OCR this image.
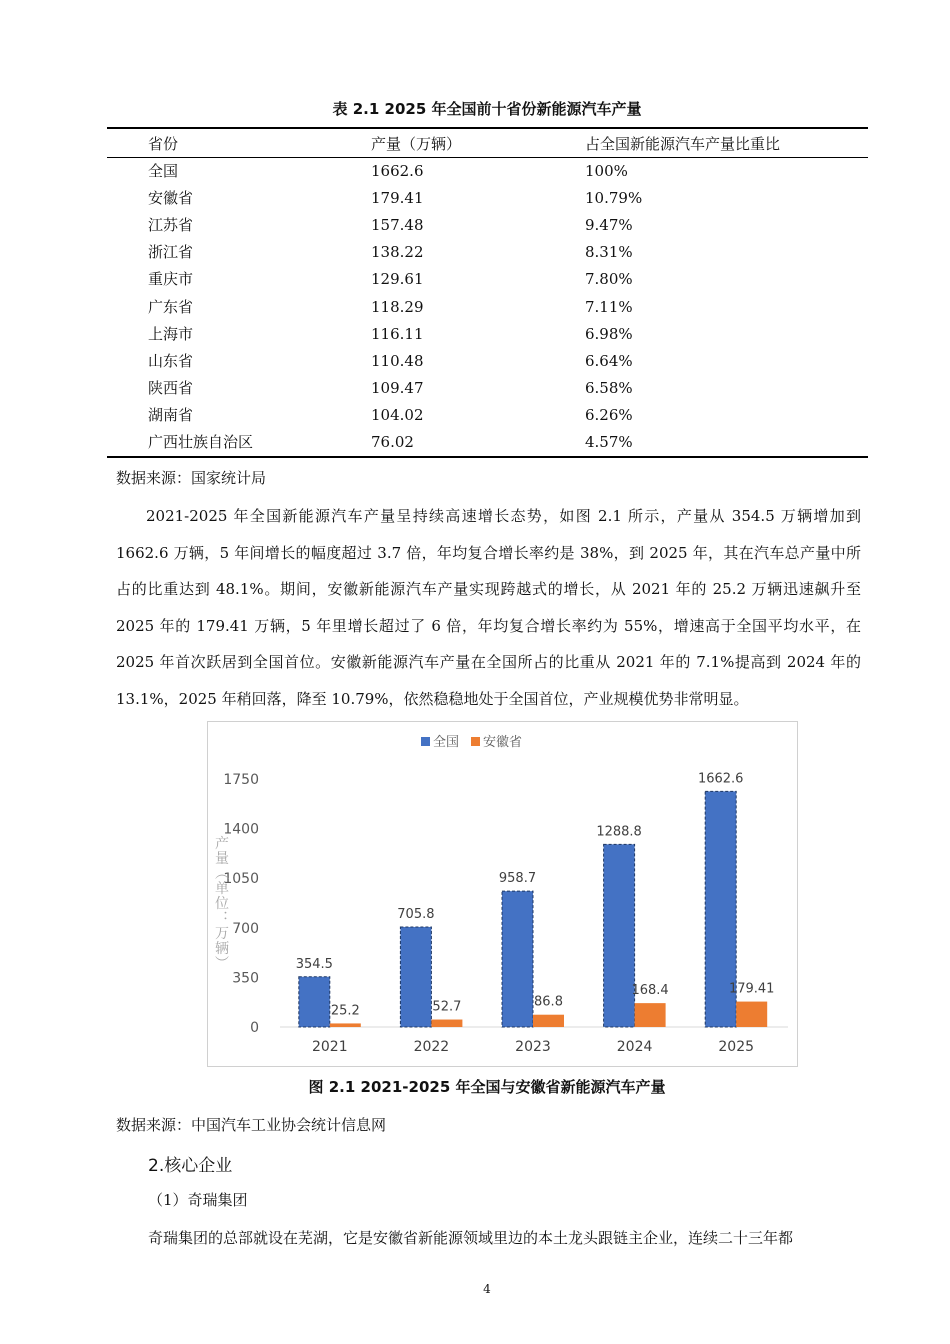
表 2.1 2025 年全国前十省份新能源汽车产量
省份	产量（万辆）	占全国新能源汽车产量比重比
全国	1662.6	100%
安徽省	179.41	10.79%
江苏省	157.48	9.47%
浙江省	138.22	8.31%
重庆市	129.61	7.80%
广东省	118.29	7.11%
上海市	116.11	6.98%
山东省	110.48	6.64%
陕西省	109.47	6.58%
湖南省	104.02	6.26%
广西壮族自治区	76.02	4.57%
数据来源：国家统计局
2021-2025 年全国新能源汽车产量呈持续高速增长态势，如图 2.1 所示，产量从 354.5 万辆增加到 1662.6 万辆，5 年间增长的幅度超过 3.7 倍，年均复合增长率约是 38%，到 2025 年，其在汽车总产量中所占的比重达到 48.1%。期间，安徽新能源汽车产量实现跨越式的增长，从 2021 年的 25.2 万辆迅速飙升至 2025 年的 179.41 万辆，5 年里增长超过了 6 倍，年均复合增长率约为 55%，增速高于全国平均水平，在 2025 年首次跃居到全国首位。安徽新能源汽车产量在全国所占的比重从 2021 年的 7.1%提高到 2024 年的 13.1%，2025 年稍回落，降至 10.79%，依然稳稳地处于全国首位，产业规模优势非常明显。
全国 安徽省
0
350
700
1050
1400
1750
产量（单位：万辆）
2021
354.5
25.2
2022
705.8
52.7
2023
958.7
86.8
2024
1288.8
168.4
2025
1662.6
179.41
图 2.1 2021-2025 年全国与安徽省新能源汽车产量
数据来源：中国汽车工业协会统计信息网
2.核心企业
（1）奇瑞集团
奇瑞集团的总部就设在芜湖，它是安徽省新能源领域里边的本土龙头跟链主企业，连续二十三年都
4
